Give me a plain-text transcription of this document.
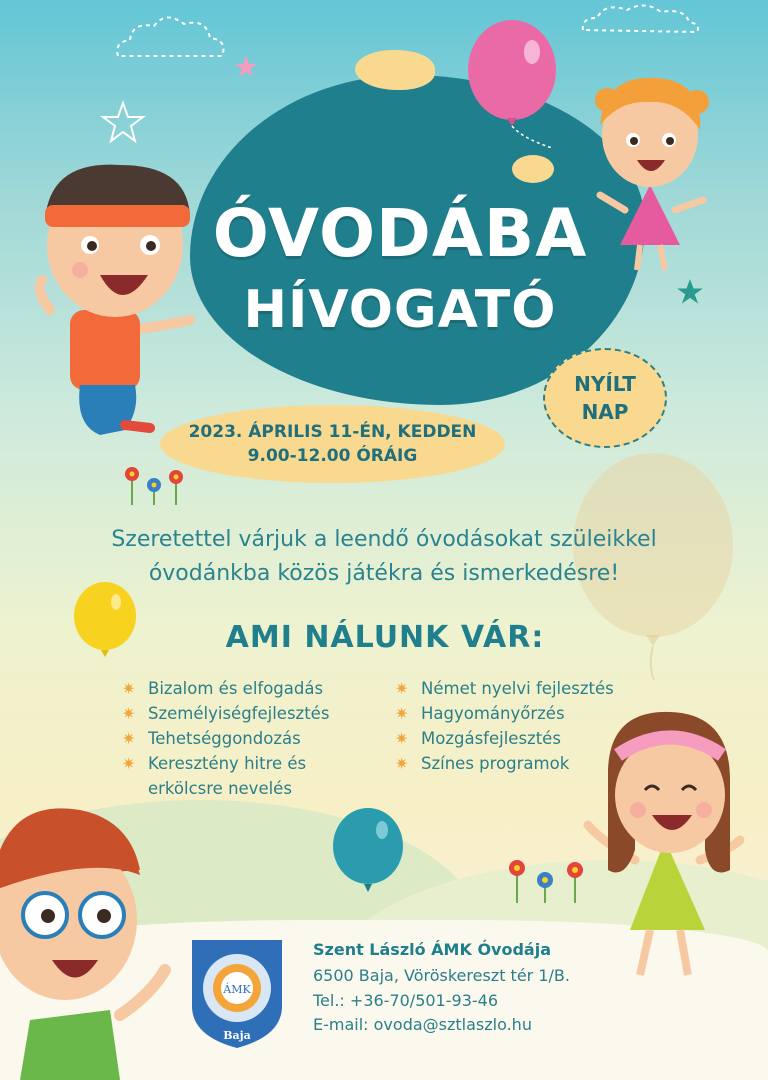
ÓVODÁBA
HÍVOGATÓ
NYÍLT
NAP
2023. ÁPRILIS 11-ÉN, KEDDEN
9.00-12.00 ÓRÁIG
Szeretettel várjuk a leendő óvodásokat szüleikkel
óvodánkba közös játékra és ismerkedésre!
AMI NÁLUNK VÁR:
✷ Bizalom és elfogadás
✷ Személyiségfejlesztés
✷ Tehetséggondozás
✷ Keresztény hitre és erkölcsre nevelés
✷ Német nyelvi fejlesztés
✷ Hagyományőrzés
✷ Mozgásfejlesztés
✷ Színes programok
ÁMK
Baja
Szent László ÁMK Óvodája
6500 Baja, Vöröskereszt tér 1/B.
Tel.: +36-70/501-93-46
E-mail: ovoda@sztlaszlo.hu
